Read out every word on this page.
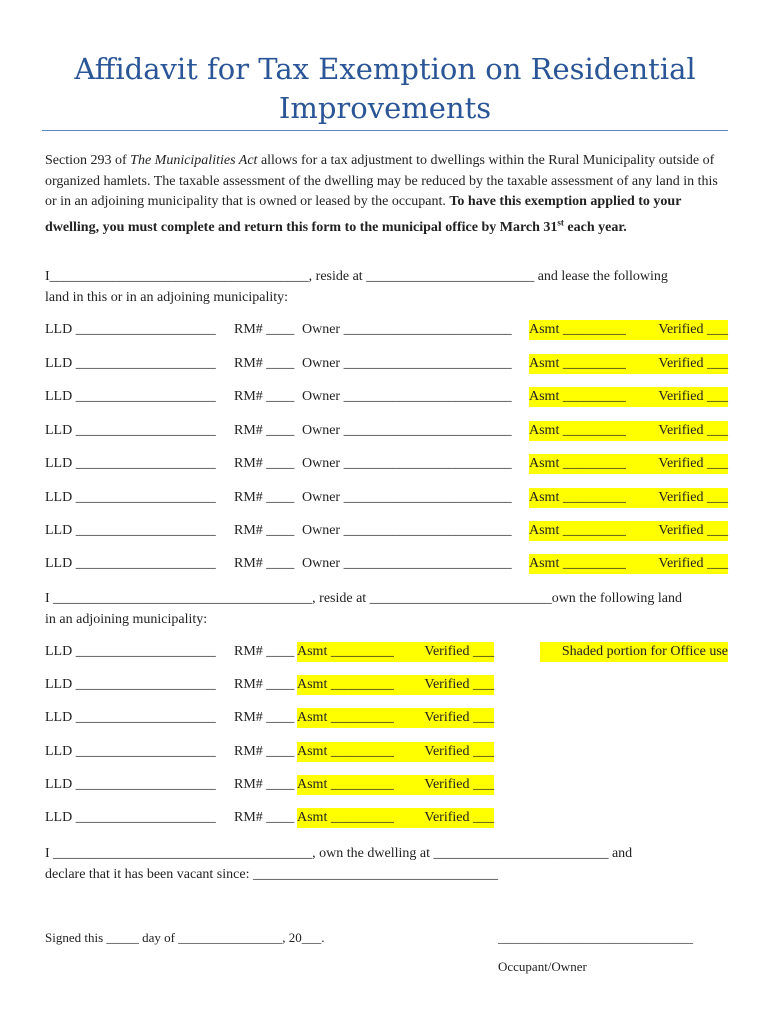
Affidavit for Tax Exemption on Residential Improvements
Section 293 of The Municipalities Act allows for a tax adjustment to dwellings within the Rural Municipality outside of organized hamlets. The taxable assessment of the dwelling may be reduced by the taxable assessment of any land in this or in an adjoining municipality that is owned or leased by the occupant. To have this exemption applied to your dwelling, you must complete and return this form to the municipal office by March 31st each year.
I_____________________________________, reside at ________________________ and lease the following
land in this or in an adjoining municipality:
LLD ____________________ RM# ____ Owner ________________________ Asmt _________	Verified ___
LLD ____________________ RM# ____ Owner ________________________ Asmt _________	Verified ___
LLD ____________________ RM# ____ Owner ________________________ Asmt _________	Verified ___
LLD ____________________ RM# ____ Owner ________________________ Asmt _________	Verified ___
LLD ____________________ RM# ____ Owner ________________________ Asmt _________	Verified ___
LLD ____________________ RM# ____ Owner ________________________ Asmt _________	Verified ___
LLD ____________________ RM# ____ Owner ________________________ Asmt _________	Verified ___
LLD ____________________ RM# ____ Owner ________________________ Asmt _________	Verified ___
I _____________________________________, reside at __________________________own the following land
in an adjoining municipality:
LLD ____________________ RM# ____ Asmt _________	Verified ___	Shaded portion for Office use
LLD ____________________ RM# ____ Asmt _________	Verified ___
LLD ____________________ RM# ____ Asmt _________	Verified ___
LLD ____________________ RM# ____ Asmt _________	Verified ___
LLD ____________________ RM# ____ Asmt _________	Verified ___
LLD ____________________ RM# ____ Asmt _________	Verified ___
I _____________________________________, own the dwelling at _________________________ and
declare that it has been vacant since: ___________________________________
Signed this _____ day of ________________, 20___.	______________________________
Occupant/Owner
